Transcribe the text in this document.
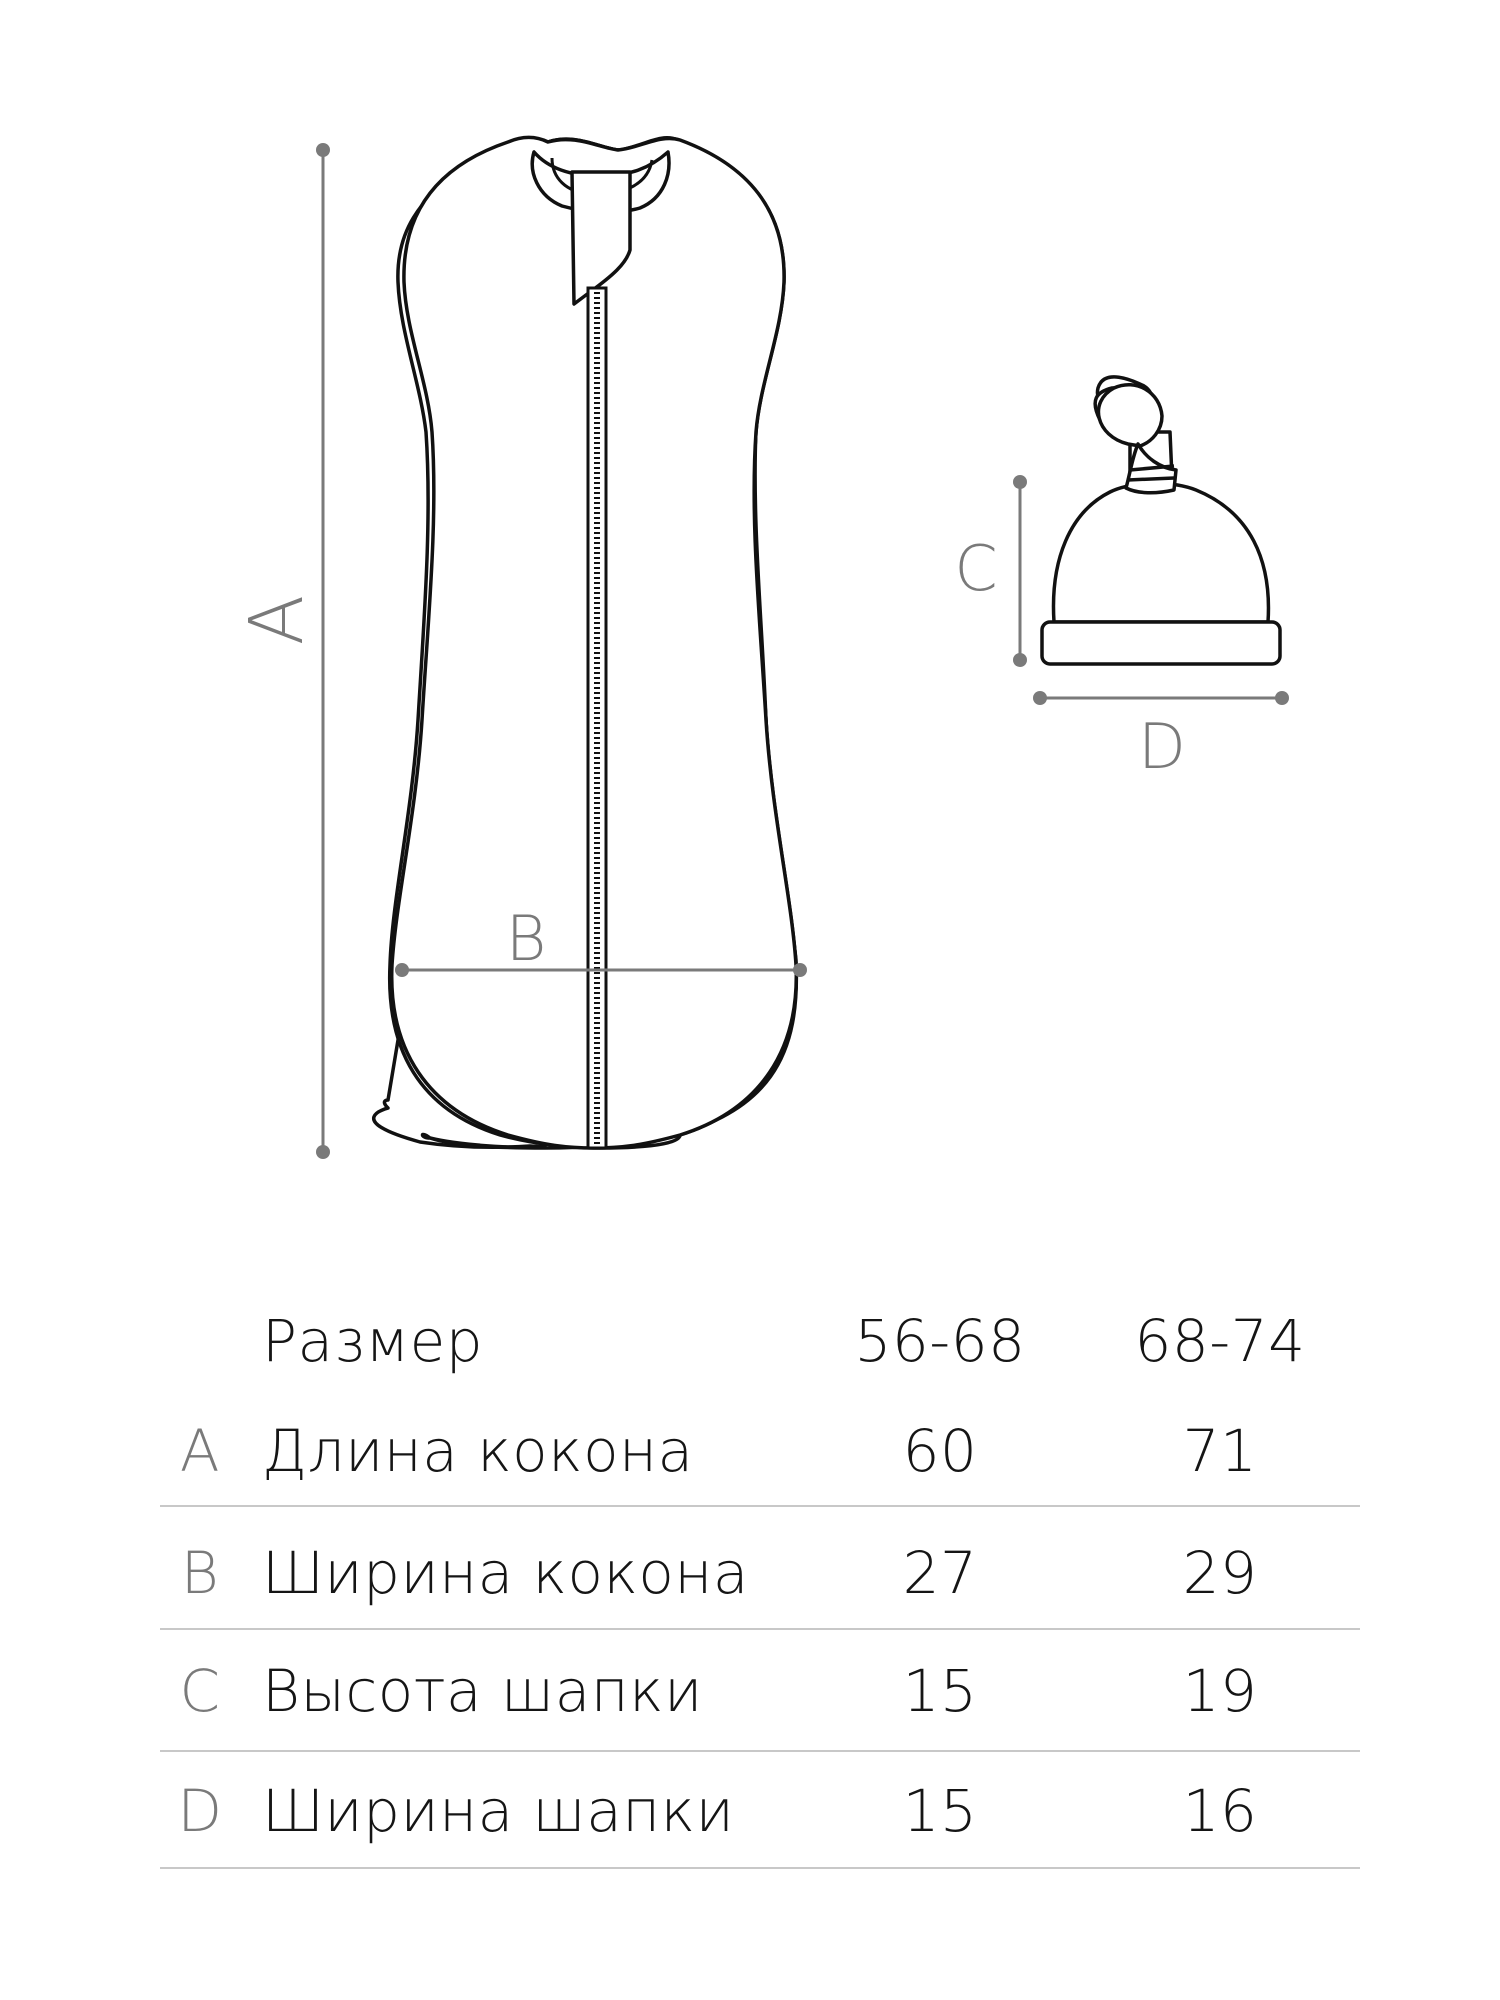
A
B
C
D
Размер	56-68 68-74
A Длина кокона	60	71
B Ширина кокона	27	29
C Высота шапки	15	19
D Ширина шапки	15	16
